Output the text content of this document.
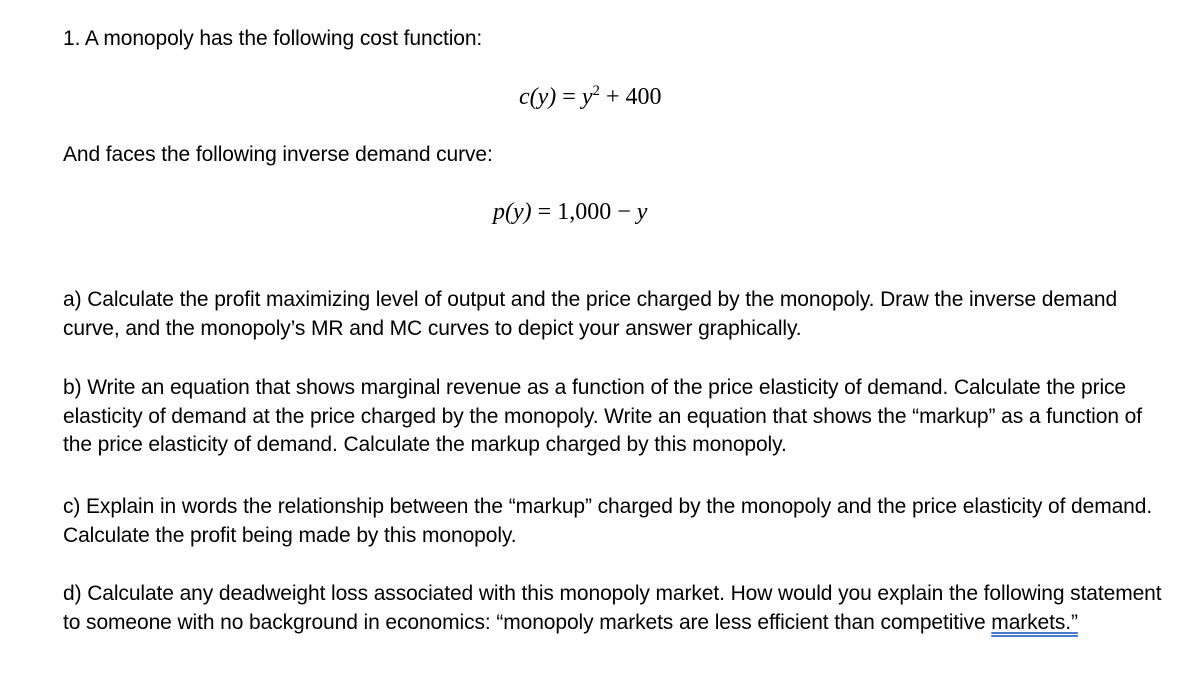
1. A monopoly has the following cost function:
$c(y) = y^2 + 400$
And faces the following inverse demand curve:
p(y) = 1,000 − y
a) Calculate the profit maximizing level of output and the price charged by the monopoly. Draw the inverse demand curve, and the monopoly’s MR and MC curves to depict your answer graphically.
b) Write an equation that shows marginal revenue as a function of the price elasticity of demand. Calculate the price elasticity of demand at the price charged by the monopoly. Write an equation that shows the “markup” as a function of the price elasticity of demand. Calculate the markup charged by this monopoly.
c) Explain in words the relationship between the “markup” charged by the monopoly and the price elasticity of demand. Calculate the profit being made by this monopoly.
d) Calculate any deadweight loss associated with this monopoly market. How would you explain the following statement to someone with no background in economics: “monopoly markets are less efficient than competitive markets.”
